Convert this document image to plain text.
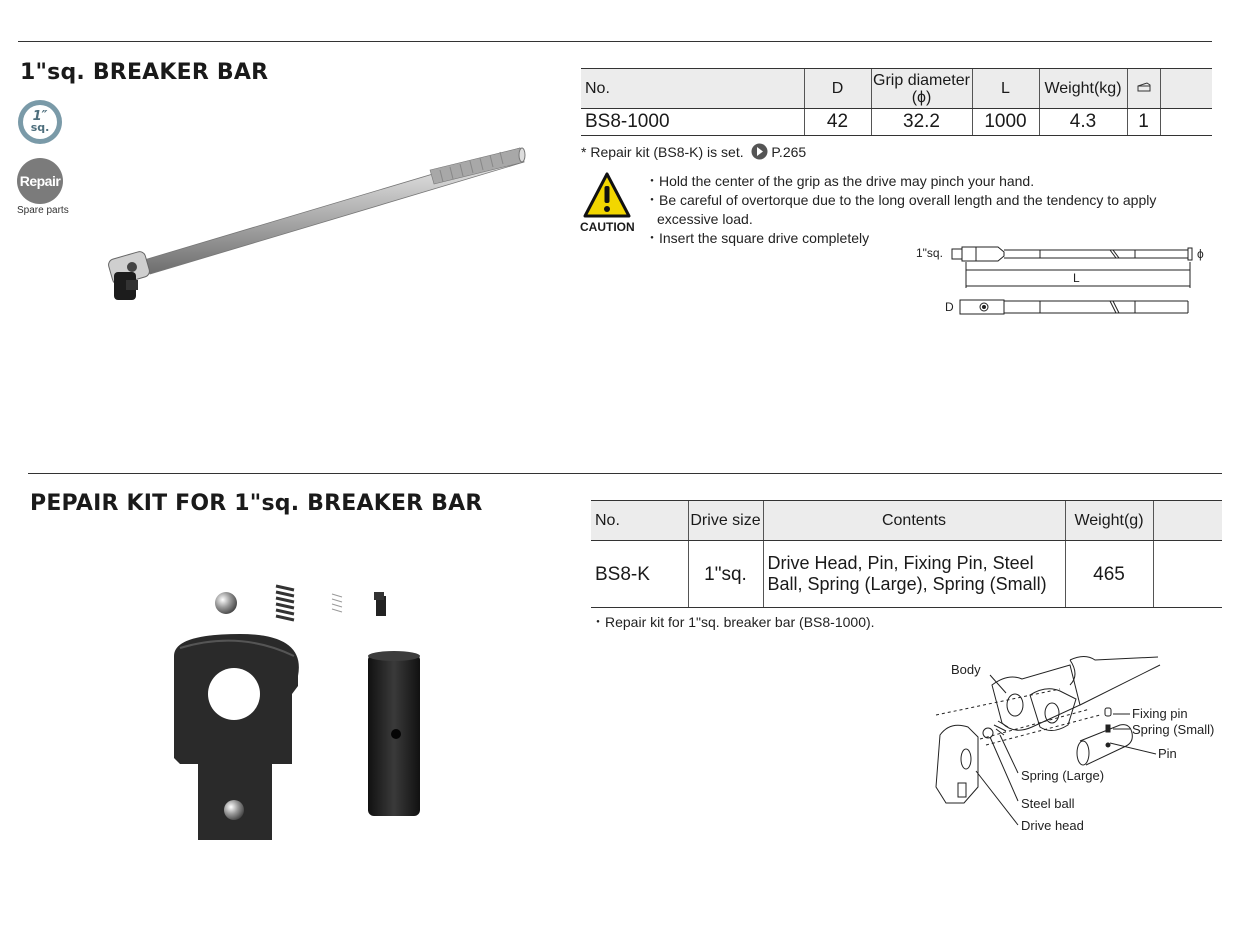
1"sq. BREAKER BAR
1″
sq.
Repair
Spare parts
No.	D	Grip diameter (ϕ)	L	Weight(kg)		
BS8-1000	42	32.2	1000	4.3	1	
* Repair kit (BS8-K) is set. P.265
CAUTION
・Hold the center of the grip as the drive may pinch your hand.
・Be careful of overtorque due to the long overall length and the tendency to apply excessive load.
・Insert the square drive completely
1"sq.	ϕ
L
D
PEPAIR KIT FOR 1"sq. BREAKER BAR
No.	Drive size	Contents	Weight(g)	
BS8-K	1"sq.	Drive Head, Pin, Fixing Pin, Steel Ball, Spring (Large), Spring (Small)	465	
・Repair kit for 1"sq. breaker bar (BS8-1000).
Body
Fixing pin
Spring (Small)
Pin
Spring (Large)
Steel ball
Drive head
